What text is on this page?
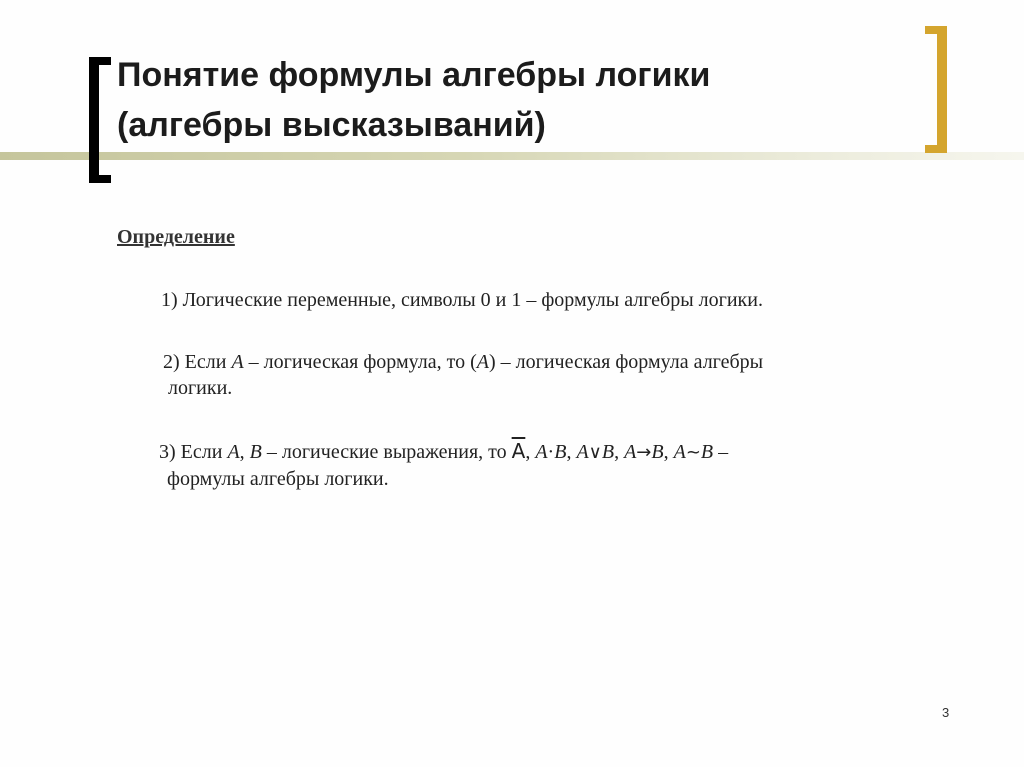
Понятие формулы алгебры логики
(алгебры высказываний)

Определение

1) Логические переменные, символы 0 и 1 – формулы алгебры логики.

2) Если A – логическая формула, то (A) – логическая формула алгебры
логики.

3) Если A, B – логические выражения, то $\overline{A}$, A·B, A∨B, A→B, A~B –
формулы алгебры логики.

3
